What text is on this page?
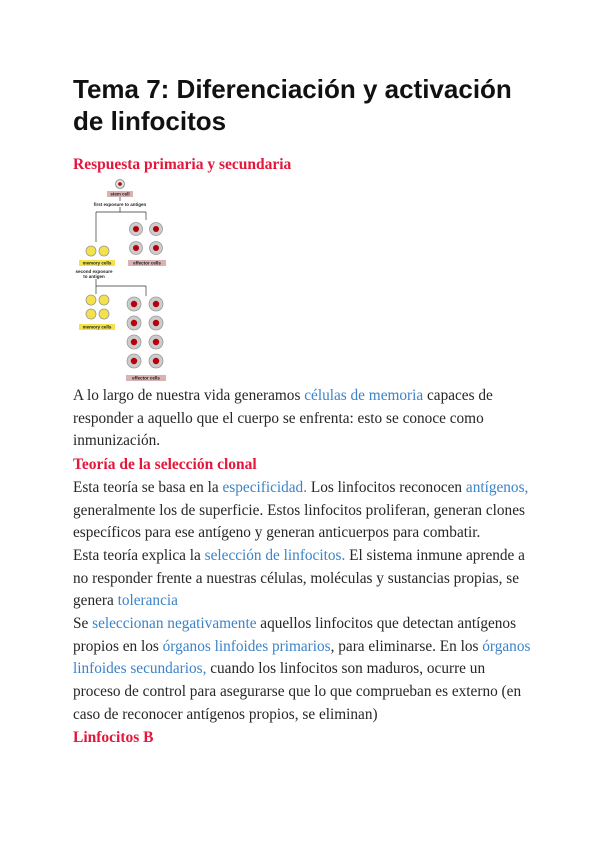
Tema 7: Diferenciación y activación de linfocitos
Respuesta primaria y secundaria
stem cell
first exposure to antigen
memory cells	effector cells
second exposure
to antigen
memory cells
effector cells

A lo largo de nuestra vida generamos células de memoria capaces de responder a aquello que el cuerpo se enfrenta: esto se conoce como inmunización.

Teoría de la selección clonal

Esta teoría se basa en la especificidad. Los linfocitos reconocen antígenos, generalmente los de superficie. Estos linfocitos proliferan, generan clones específicos para ese antígeno y generan anticuerpos para combatir.

Esta teoría explica la selección de linfocitos. El sistema inmune aprende a no responder frente a nuestras células, moléculas y sustancias propias, se genera tolerancia

Se seleccionan negativamente aquellos linfocitos que detectan antígenos propios en los órganos linfoides primarios, para eliminarse. En los órganos linfoides secundarios, cuando los linfocitos son maduros, ocurre un proceso de control para asegurarse que lo que comprueban es externo (en caso de reconocer antígenos propios, se eliminan)

Linfocitos B
